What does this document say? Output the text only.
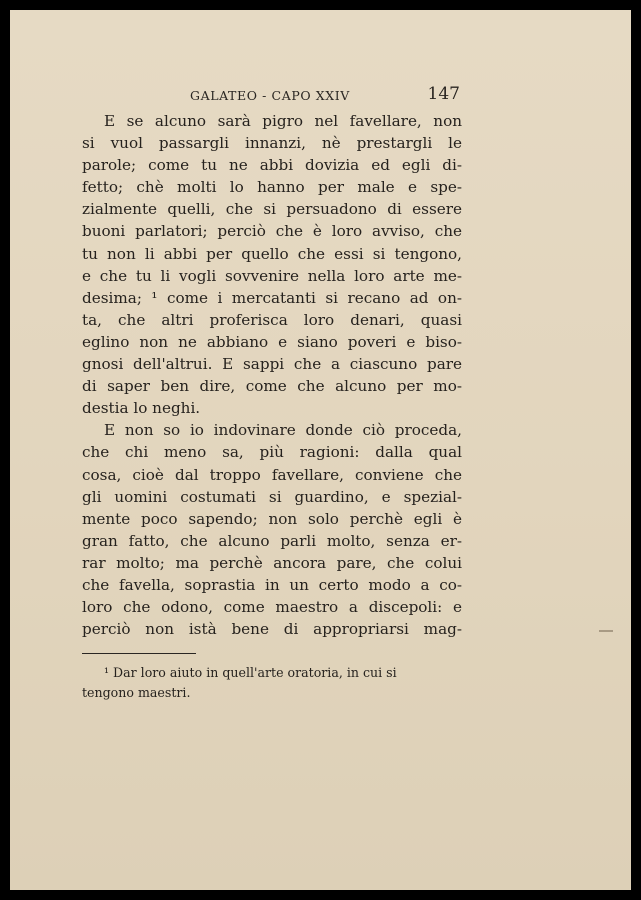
GALATEO - CAPO XXIV	147
E se alcuno sarà pigro nel favellare, non
si vuol passargli innanzi, nè prestargli le
parole; come tu ne abbi dovizia ed egli di-
fetto; chè molti lo hanno per male e spe-
zialmente quelli, che si persuadono di essere
buoni parlatori; perciò che è loro avviso, che
tu non li abbi per quello che essi si tengono,
e che tu li vogli sovvenire nella loro arte me-
desima; ¹ come i mercatanti si recano ad on-
ta, che altri proferisca loro denari, quasi
eglino non ne abbiano e siano poveri e biso-
gnosi dell'altrui. E sappi che a ciascuno pare
di saper ben dire, come che alcuno per mo-
destia lo neghi.
E non so io indovinare donde ciò proceda,
che chi meno sa, più ragioni: dalla qual
cosa, cioè dal troppo favellare, conviene che
gli uomini costumati si guardino, e spezial-
mente poco sapendo; non solo perchè egli è
gran fatto, che alcuno parli molto, senza er-
rar molto; ma perchè ancora pare, che colui
che favella, soprastia in un certo modo a co-
loro che odono, come maestro a discepoli: e
perciò non istà bene di appropriarsi mag-
¹ Dar loro aiuto in quell'arte oratoria, in cui si
tengono maestri.
